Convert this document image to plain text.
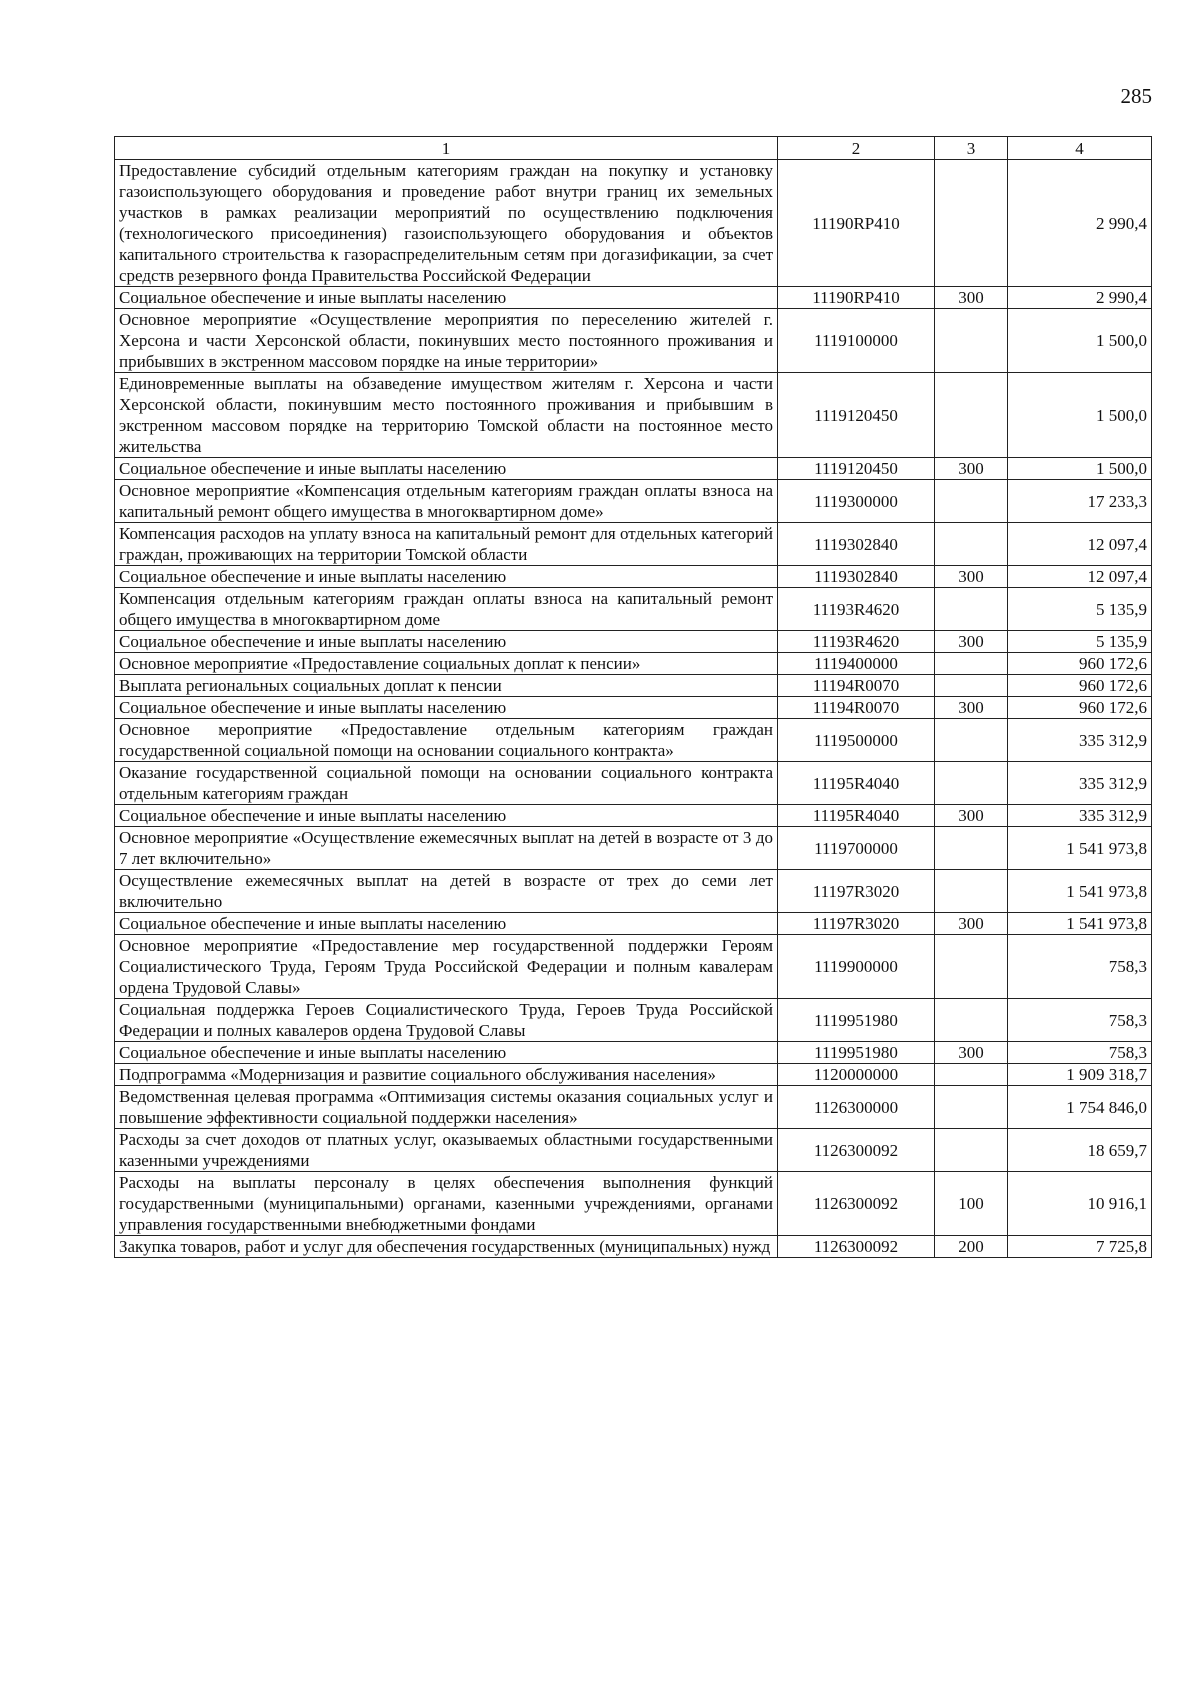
285
1	2	3	4
Предоставление субсидий отдельным категориям граждан на покупку и установку газоиспользующего оборудования и проведение работ внутри границ их земельных участков в рамках реализации мероприятий по осуществлению подключения (технологического присоединения) газоиспользующего оборудования и объектов капитального строительства к газораспределительным сетям при догазификации, за счет средств резервного фонда Правительства Российской Федерации	11190RP410		2 990,4
Социальное обеспечение и иные выплаты населению	11190RP410	300	2 990,4
Основное мероприятие «Осуществление мероприятия по переселению жителей г. Херсона и части Херсонской области, покинувших место постоянного проживания и прибывших в экстренном массовом порядке на иные территории»	1119100000		1 500,0
Единовременные выплаты на обзаведение имуществом жителям г. Херсона и части Херсонской области, покинувшим место постоянного проживания и прибывшим в экстренном массовом порядке на территорию Томской области на постоянное место жительства	1119120450		1 500,0
Социальное обеспечение и иные выплаты населению	1119120450	300	1 500,0
Основное мероприятие «Компенсация отдельным категориям граждан оплаты взноса на капитальный ремонт общего имущества в многоквартирном доме»	1119300000		17 233,3
Компенсация расходов на уплату взноса на капитальный ремонт для отдельных категорий граждан, проживающих на территории Томской области	1119302840		12 097,4
Социальное обеспечение и иные выплаты населению	1119302840	300	12 097,4
Компенсация отдельным категориям граждан оплаты взноса на капитальный ремонт общего имущества в многоквартирном доме	11193R4620		5 135,9
Социальное обеспечение и иные выплаты населению	11193R4620	300	5 135,9
Основное мероприятие «Предоставление социальных доплат к пенсии»	1119400000		960 172,6
Выплата региональных социальных доплат к пенсии	11194R0070		960 172,6
Социальное обеспечение и иные выплаты населению	11194R0070	300	960 172,6
Основное мероприятие «Предоставление отдельным категориям граждан государственной социальной помощи на основании социального контракта»	1119500000		335 312,9
Оказание государственной социальной помощи на основании социального контракта отдельным категориям граждан	11195R4040		335 312,9
Социальное обеспечение и иные выплаты населению	11195R4040	300	335 312,9
Основное мероприятие «Осуществление ежемесячных выплат на детей в возрасте от 3 до 7 лет включительно»	1119700000		1 541 973,8
Осуществление ежемесячных выплат на детей в возрасте от трех до семи лет включительно	11197R3020		1 541 973,8
Социальное обеспечение и иные выплаты населению	11197R3020	300	1 541 973,8
Основное мероприятие «Предоставление мер государственной поддержки Героям Социалистического Труда, Героям Труда Российской Федерации и полным кавалерам ордена Трудовой Славы»	1119900000		758,3
Социальная поддержка Героев Социалистического Труда, Героев Труда Российской Федерации и полных кавалеров ордена Трудовой Славы	1119951980		758,3
Социальное обеспечение и иные выплаты населению	1119951980	300	758,3
Подпрограмма «Модернизация и развитие социального обслуживания населения»	1120000000		1 909 318,7
Ведомственная целевая программа «Оптимизация системы оказания социальных услуг и повышение эффективности социальной поддержки населения»	1126300000		1 754 846,0
Расходы за счет доходов от платных услуг, оказываемых областными государственными казенными учреждениями	1126300092		18 659,7
Расходы на выплаты персоналу в целях обеспечения выполнения функций государственными (муниципальными) органами, казенными учреждениями, органами управления государственными внебюджетными фондами	1126300092	100	10 916,1
Закупка товаров, работ и услуг для обеспечения государственных (муниципальных) нужд	1126300092	200	7 725,8
